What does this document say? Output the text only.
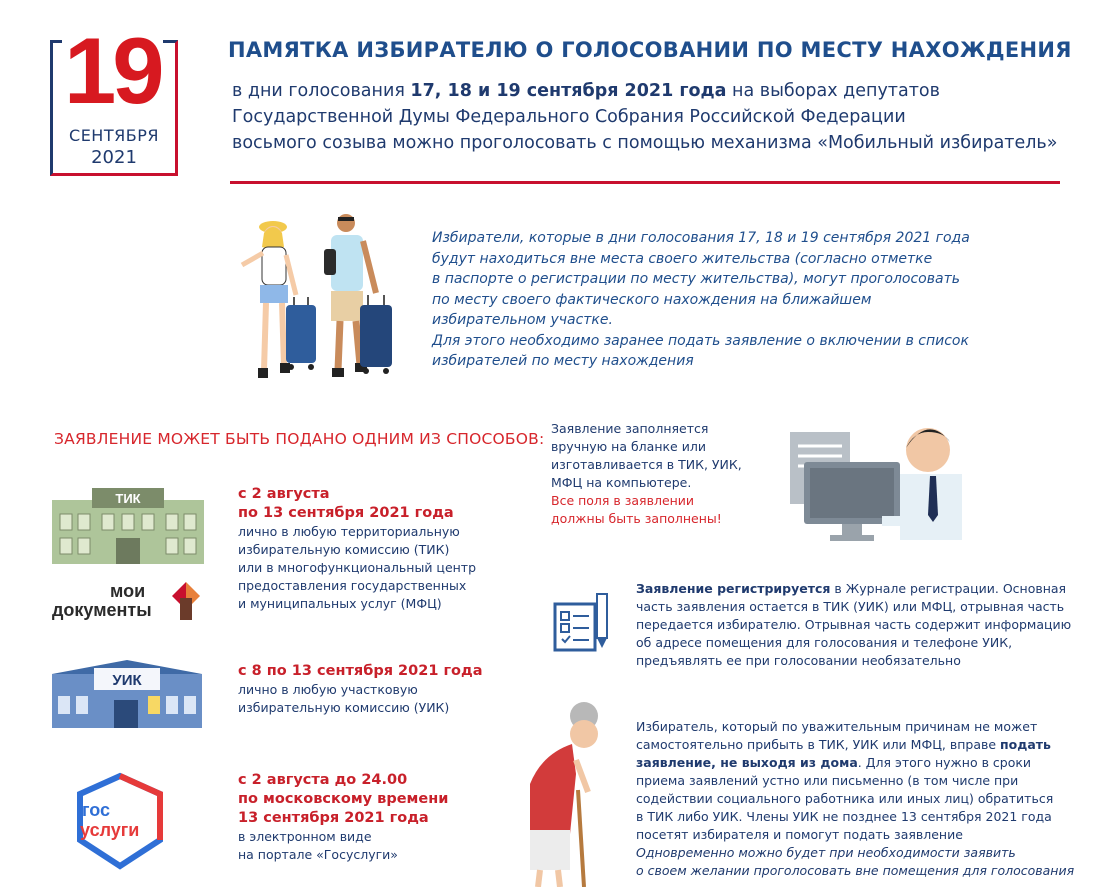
19
СЕНТЯБРЯ
2021
ПАМЯТКА ИЗБИРАТЕЛЮ О ГОЛОСОВАНИИ ПО МЕСТУ НАХОЖДЕНИЯ
в дни голосования 17, 18 и 19 сентября 2021 года на выборах депутатов
Государственной Думы Федерального Собрания Российской Федерации
восьмого созыва можно проголосовать с помощью механизма «Мобильный избиратель»
Избиратели, которые в дни голосования 17, 18 и 19 сентября 2021 года
будут находиться вне места своего жительства (согласно отметке
в паспорте о регистрации по месту жительства), могут проголосовать
по месту своего фактического нахождения на ближайшем
избирательном участке.
Для этого необходимо заранее подать заявление о включении в список
избирателей по месту нахождения
ЗАЯВЛЕНИЕ МОЖЕТ БЫТЬ ПОДАНО ОДНИМ ИЗ СПОСОБОВ:
ТИК	с 2 августа
по 13 сентября 2021 года
лично в любую территориальную
избирательную комиссию (ТИК)
или в многофункциональный центр
предоставления государственных
и муниципальных услуг (МФЦ)
мои
документы
УИК
с 8 по 13 сентября 2021 года
лично в любую участковую
избирательную комиссию (УИК)
гос
услуги
с 2 августа до 24.00
по московскому времени
13 сентября 2021 года
в электронном виде
на портале «Госуслуги»
Заявление заполняется
вручную на бланке или
изготавливается в ТИК, УИК,
МФЦ на компьютере.
Все поля в заявлении
должны быть заполнены!
Заявление регистрируется в Журнале регистрации. Основная
часть заявления остается в ТИК (УИК) или МФЦ, отрывная часть
передается избирателю. Отрывная часть содержит информацию
об адресе помещения для голосования и телефоне УИК,
предъявлять ее при голосовании необязательно
Избиратель, который по уважительным причинам не может
самостоятельно прибыть в ТИК, УИК или МФЦ, вправе подать
заявление, не выходя из дома. Для этого нужно в сроки
приема заявлений устно или письменно (в том числе при
содействии социального работника или иных лиц) обратиться
в ТИК либо УИК. Члены УИК не позднее 13 сентября 2021 года
посетят избирателя и помогут подать заявление
Одновременно можно будет при необходимости заявить
о своем желании проголосовать вне помещения для голосования
